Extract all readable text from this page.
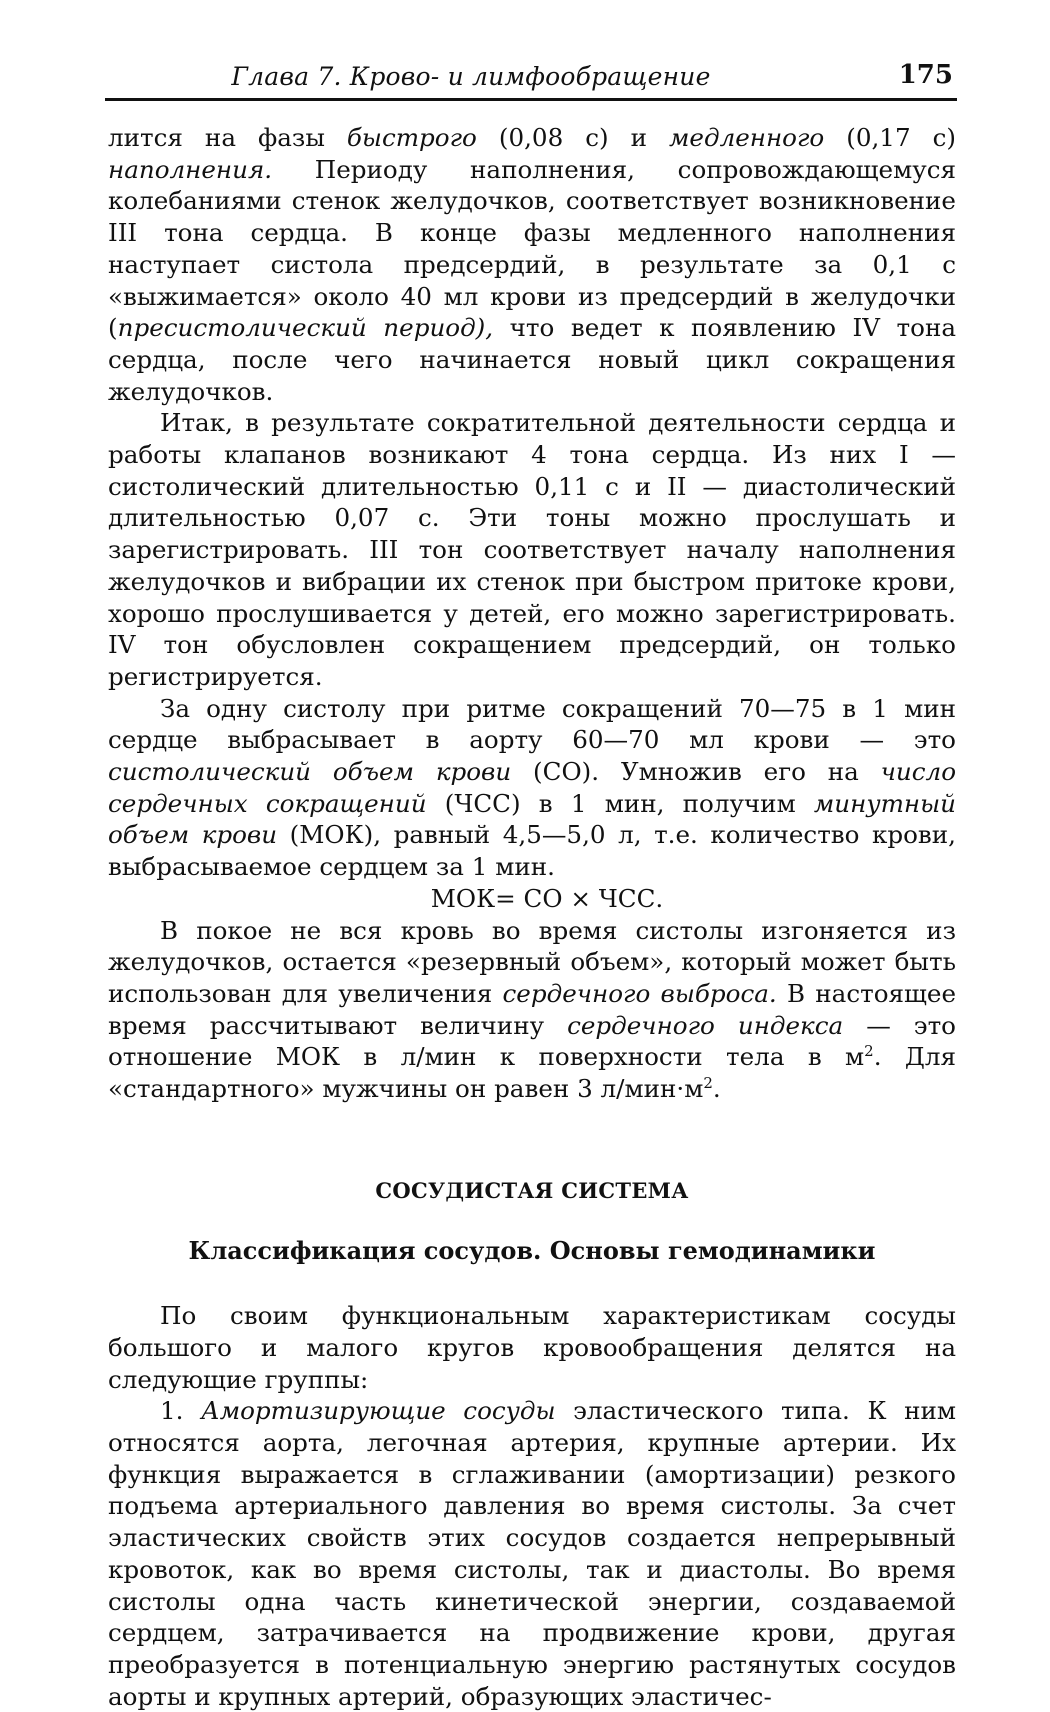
Глава 7. Крово- и лимфообращение	175

лится на фазы быстрого (0,08 с) и медленного (0,17 с) наполнения. Периоду наполнения, сопровождающемуся колебаниями стенок желудочков, соответствует возникновение III тона сердца. В конце фазы медленного наполнения наступает систола предсердий, в результате за 0,1 с «выжимается» около 40 мл крови из предсердий в желудочки (пресистолический период), что ведет к появлению IV тона сердца, после чего начинается новый цикл сокращения желудочков.

Итак, в результате сократительной деятельности сердца и работы клапанов возникают 4 тона сердца. Из них I — систолический длительностью 0,11 с и II — диастолический длительностью 0,07 с. Эти тоны можно прослушать и зарегистрировать. III тон соответствует началу наполнения желудочков и вибрации их стенок при быстром притоке крови, хорошо прослушивается у детей, его можно зарегистрировать. IV тон обусловлен сокращением предсердий, он только регистрируется.

За одну систолу при ритме сокращений 70—75 в 1 мин сердце выбрасывает в аорту 60—70 мл крови — это систолический объем крови (СО). Умножив его на число сердечных сокращений (ЧСС) в 1 мин, получим минутный объем крови (МОК), равный 4,5—5,0 л, т.е. количество крови, выбрасываемое сердцем за 1 мин.

МОК= СО × ЧСС.

В покое не вся кровь во время систолы изгоняется из желудочков, остается «резервный объем», который может быть использован для увеличения сердечного выброса. В настоящее время рассчитывают величину сердечного индекса — это отношение МОК в л/мин к поверхности тела в $м^2$. Для «стандартного» мужчины он равен 3 $л/мин\cdot м^2$.

СОСУДИСТАЯ СИСТЕМА
Классификация сосудов. Основы гемодинамики

По своим функциональным характеристикам сосуды большого и малого кругов кровообращения делятся на следующие группы:

1. Амортизирующие сосуды эластического типа. К ним относятся аорта, легочная артерия, крупные артерии. Их функция выражается в сглаживании (амортизации) резкого подъема артериального давления во время систолы. За счет эластических свойств этих сосудов создается непрерывный кровоток, как во время систолы, так и диастолы. Во время систолы одна часть кинетической энергии, создаваемой сердцем, затрачивается на продвижение крови, другая преобразуется в потенциальную энергию растянутых сосудов аорты и крупных артерий, образующих эластичес-
